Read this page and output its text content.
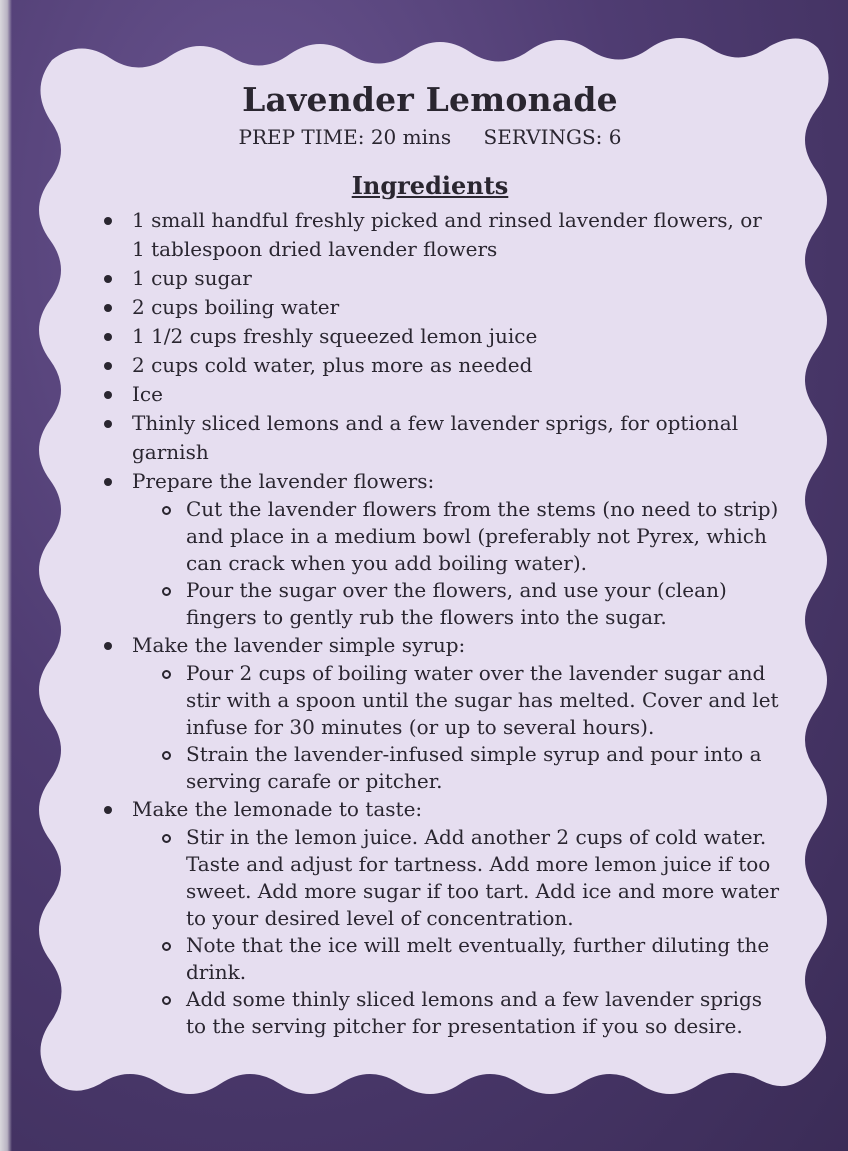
Lavender Lemonade
PREP TIME: 20 mins SERVINGS: 6
Ingredients
1 small handful freshly picked and rinsed lavender flowers, or 1 tablespoon dried lavender flowers
1 cup sugar
2 cups boiling water
1 1/2 cups freshly squeezed lemon juice
2 cups cold water, plus more as needed
Ice
Thinly sliced lemons and a few lavender sprigs, for optional garnish
Prepare the lavender flowers:
Cut the lavender flowers from the stems (no need to strip) and place in a medium bowl (preferably not Pyrex, which can crack when you add boiling water).
Pour the sugar over the flowers, and use your (clean) fingers to gently rub the flowers into the sugar.
Make the lavender simple syrup:
Pour 2 cups of boiling water over the lavender sugar and stir with a spoon until the sugar has melted. Cover and let infuse for 30 minutes (or up to several hours).
Strain the lavender-infused simple syrup and pour into a serving carafe or pitcher.
Make the lemonade to taste:
Stir in the lemon juice. Add another 2 cups of cold water. Taste and adjust for tartness. Add more lemon juice if too sweet. Add more sugar if too tart. Add ice and more water to your desired level of concentration.
Note that the ice will melt eventually, further diluting the drink.
Add some thinly sliced lemons and a few lavender sprigs to the serving pitcher for presentation if you so desire.
